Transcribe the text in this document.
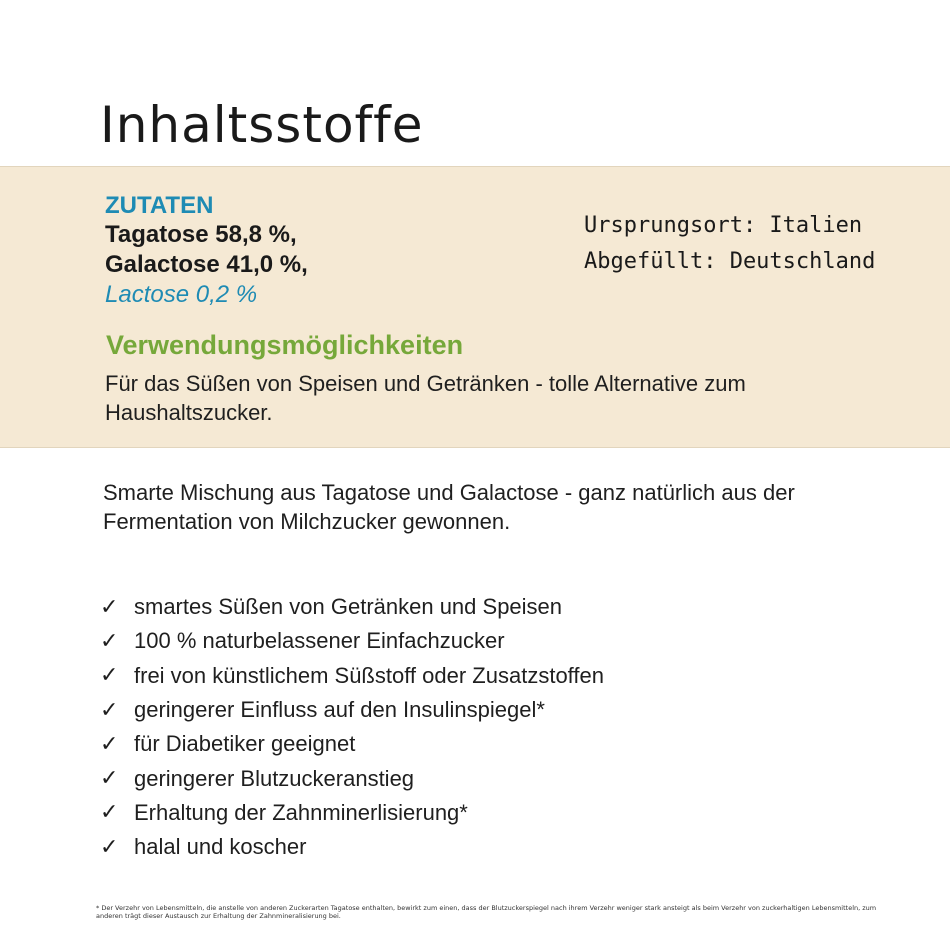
Inhaltsstoffe
ZUTATEN
Tagatose 58,8 %,
Galactose 41,0 %,
Lactose 0,2 %
Ursprungsort: Italien
Abgefüllt: Deutschland
Verwendungsmöglichkeiten
Für das Süßen von Speisen und Getränken - tolle Alternative zum Haushaltszucker.
Smarte Mischung aus Tagatose und Galactose - ganz natürlich aus der Fermentation von Milchzucker gewonnen.
✓ smartes Süßen von Getränken und Speisen
✓ 100 % naturbelassener Einfachzucker
✓ frei von künstlichem Süßstoff oder Zusatzstoffen
✓ geringerer Einfluss auf den Insulinspiegel*
✓ für Diabetiker geeignet
✓ geringerer Blutzuckeranstieg
✓ Erhaltung der Zahnminerlisierung*
✓ halal und koscher
* Der Verzehr von Lebensmitteln, die anstelle von anderen Zuckerarten Tagatose enthalten, bewirkt zum einen, dass der Blutzuckerspiegel nach ihrem Verzehr weniger stark ansteigt als beim Verzehr von zuckerhaltigen Lebensmitteln, zum anderen trägt dieser Austausch zur Erhaltung der Zahnmineralisierung bei.
